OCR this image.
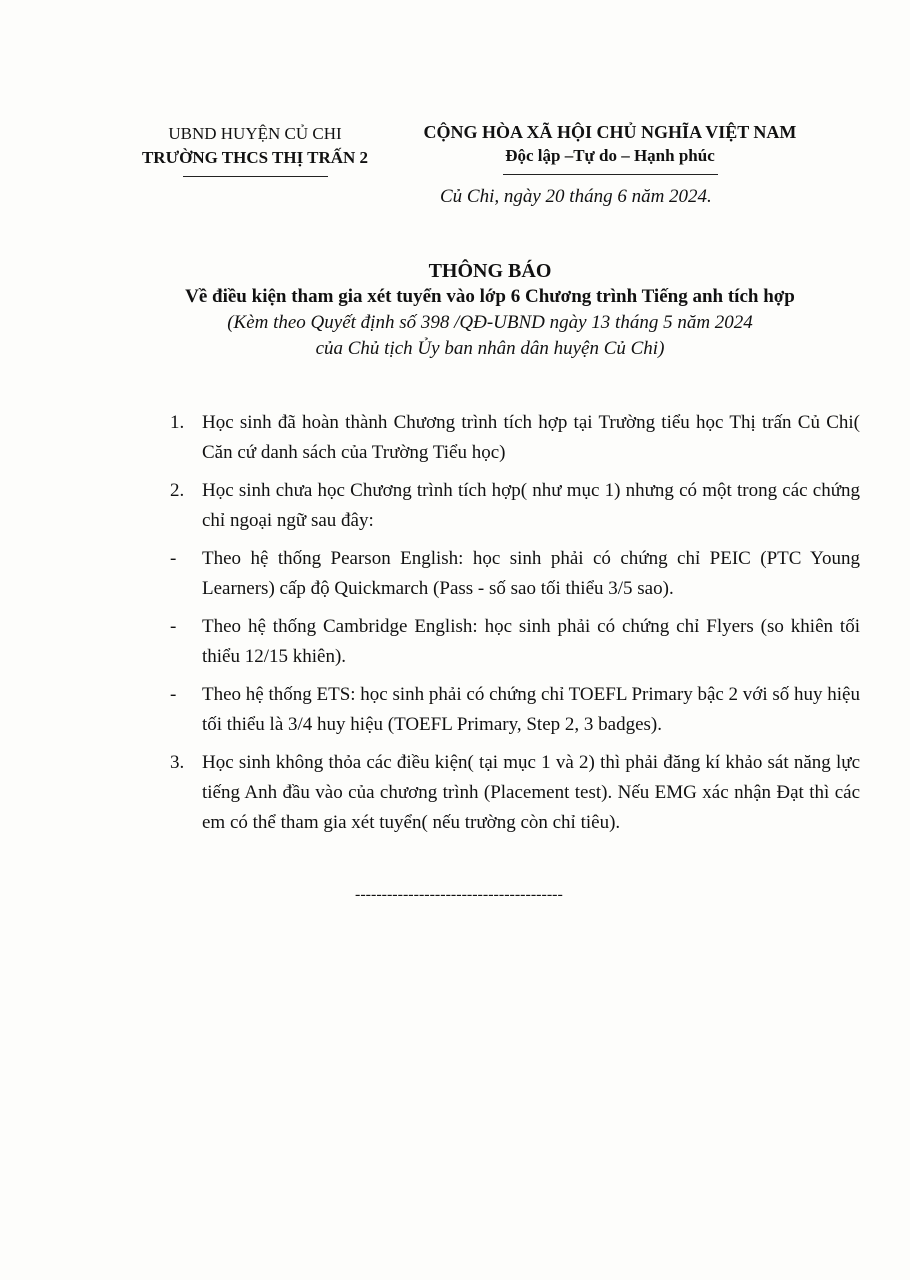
UBND HUYỆN CỦ CHI
TRƯỜNG THCS THỊ TRẤN 2
CỘNG HÒA XÃ HỘI CHỦ NGHĨA VIỆT NAM
Độc lập –Tự do – Hạnh phúc
Củ Chi, ngày 20 tháng 6 năm 2024.
THÔNG BÁO
Về điều kiện tham gia xét tuyển vào lớp 6 Chương trình Tiếng anh tích hợp
(Kèm theo Quyết định số 398 /QĐ-UBND ngày 13 tháng 5 năm 2024
của Chủ tịch Ủy ban nhân dân huyện Củ Chi)
1. Học sinh đã hoàn thành Chương trình tích hợp tại Trường tiểu học Thị trấn Củ Chi( Căn cứ danh sách của Trường Tiểu học)
2. Học sinh chưa học Chương trình tích hợp( như mục 1) nhưng có một trong các chứng chỉ ngoại ngữ sau đây:
-	Theo hệ thống Pearson English: học sinh phải có chứng chỉ PEIC (PTC Young Learners) cấp độ Quickmarch (Pass - số sao tối thiểu 3/5 sao).
-	Theo hệ thống Cambridge English: học sinh phải có chứng chỉ Flyers (so khiên tối thiểu 12/15 khiên).
-	Theo hệ thống ETS: học sinh phải có chứng chỉ TOEFL Primary bậc 2 với số huy hiệu tối thiểu là 3/4 huy hiệu (TOEFL Primary, Step 2, 3 badges).
3. Học sinh không thỏa các điều kiện( tại mục 1 và 2) thì phải đăng kí khảo sát năng lực tiếng Anh đầu vào của chương trình (Placement test). Nếu EMG xác nhận Đạt thì các em có thể tham gia xét tuyển( nếu trường còn chỉ tiêu).
---------------------------------------
